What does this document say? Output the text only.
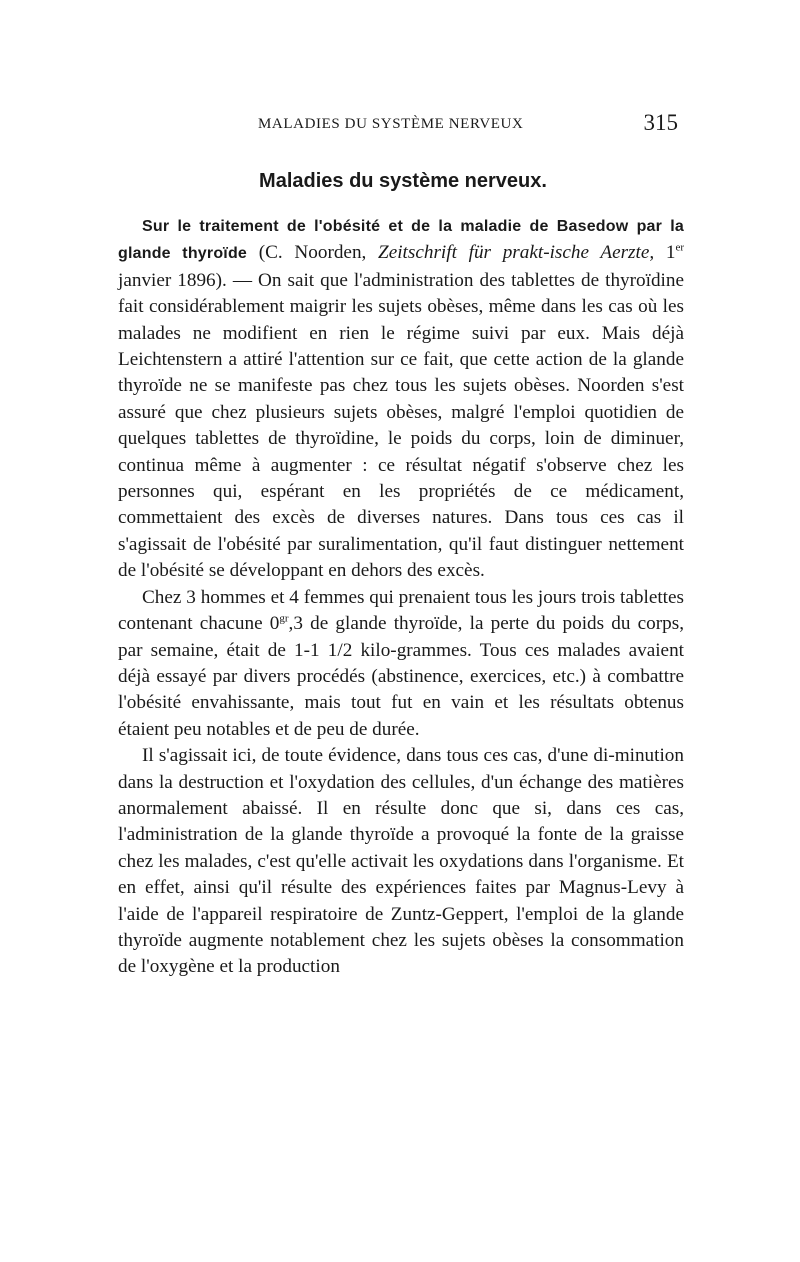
MALADIES DU SYSTÈME NERVEUX	315
Maladies du système nerveux.

Sur le traitement de l'obésité et de la maladie de Basedow par la glande thyroïde (C. Noorden, Zeitschrift für prakt-ische Aerzte, 1er janvier 1896). — On sait que l'administration des tablettes de thyroïdine fait considérablement maigrir les sujets obèses, même dans les cas où les malades ne modifient en rien le régime suivi par eux. Mais déjà Leichtenstern a attiré l'attention sur ce fait, que cette action de la glande thyroïde ne se manifeste pas chez tous les sujets obèses. Noorden s'est assuré que chez plusieurs sujets obèses, malgré l'emploi quotidien de quelques tablettes de thyroïdine, le poids du corps, loin de diminuer, continua même à augmenter : ce résultat négatif s'observe chez les personnes qui, espérant en les propriétés de ce médicament, commettaient des excès de diverses natures. Dans tous ces cas il s'agissait de l'obésité par suralimentation, qu'il faut distinguer nettement de l'obésité se développant en dehors des excès.

Chez 3 hommes et 4 femmes qui prenaient tous les jours trois tablettes contenant chacune $0^{gr},3$ de glande thyroïde, la perte du poids du corps, par semaine, était de 1-1 1/2 kilo-grammes. Tous ces malades avaient déjà essayé par divers procédés (abstinence, exercices, etc.) à combattre l'obésité envahissante, mais tout fut en vain et les résultats obtenus étaient peu notables et de peu de durée.

Il s'agissait ici, de toute évidence, dans tous ces cas, d'une di-minution dans la destruction et l'oxydation des cellules, d'un échange des matières anormalement abaissé. Il en résulte donc que si, dans ces cas, l'administration de la glande thyroïde a provoqué la fonte de la graisse chez les malades, c'est qu'elle activait les oxydations dans l'organisme. Et en effet, ainsi qu'il résulte des expériences faites par Magnus-Levy à l'aide de l'appareil respiratoire de Zuntz-Geppert, l'emploi de la glande thyroïde augmente notablement chez les sujets obèses la consommation de l'oxygène et la production
